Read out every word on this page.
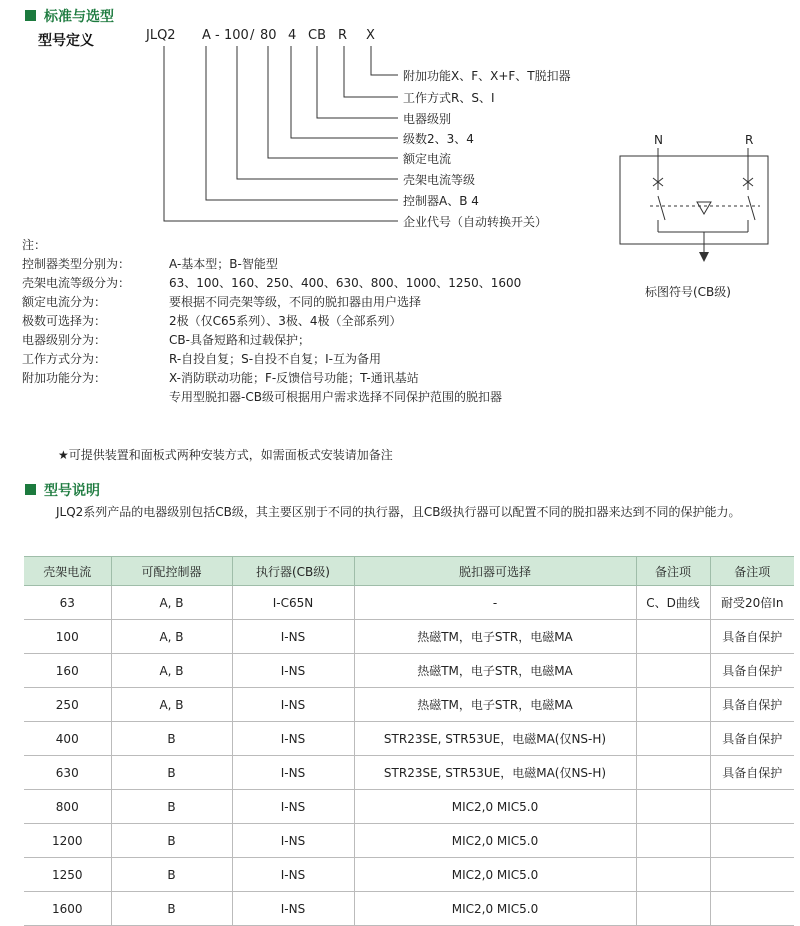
标准与选型
型号定义	JLQ2 A - 100 / 80 4 CB R X
附加功能X、F、X+F、T脱扣器
工作方式R、S、I
电器级别
级数2、3、4
额定电流
壳架电流等级
控制器A、B 4
企业代号（自动转换开关）
N	R
标图符号(CB级)
注：
控制器类型分别为：	A-基本型；B-智能型
壳架电流等级分为：	63、100、160、250、400、630、800、1000、1250、1600
额定电流分为：	要根据不同壳架等级，不同的脱扣器由用户选择
极数可选择为：	2极（仅C65系列）、3极、4极（全部系列）
电器级别分为：	CB-具备短路和过载保护；
工作方式分为：	R-自投自复；S-自投不自复；I-互为备用
附加功能分为：	X-消防联动功能；F-反馈信号功能；T-通讯基站
专用型脱扣器-CB级可根据用户需求选择不同保护范围的脱扣器
★可提供装置和面板式两种安装方式，如需面板式安装请加备注
型号说明
JLQ2系列产品的电器级别包括CB级，其主要区别于不同的执行器，且CB级执行器可以配置不同的脱扣器来达到不同的保护能力。
壳架电流	可配控制器	执行器(CB级)	脱扣器可选择	备注项	备注项
63	A, B	I-C65N	-	C、D曲线	耐受20倍In
100	A, B	I-NS	热磁TM，电子STR，电磁MA		具备自保护
160	A, B	I-NS	热磁TM，电子STR，电磁MA		具备自保护
250	A, B	I-NS	热磁TM，电子STR，电磁MA		具备自保护
400	B	I-NS	STR23SE, STR53UE，电磁MA(仅NS-H)		具备自保护
630	B	I-NS	STR23SE, STR53UE，电磁MA(仅NS-H)		具备自保护
800	B	I-NS	MIC2,0 MIC5.0		
1200	B	I-NS	MIC2,0 MIC5.0		
1250	B	I-NS	MIC2,0 MIC5.0		
1600	B	I-NS	MIC2,0 MIC5.0		
